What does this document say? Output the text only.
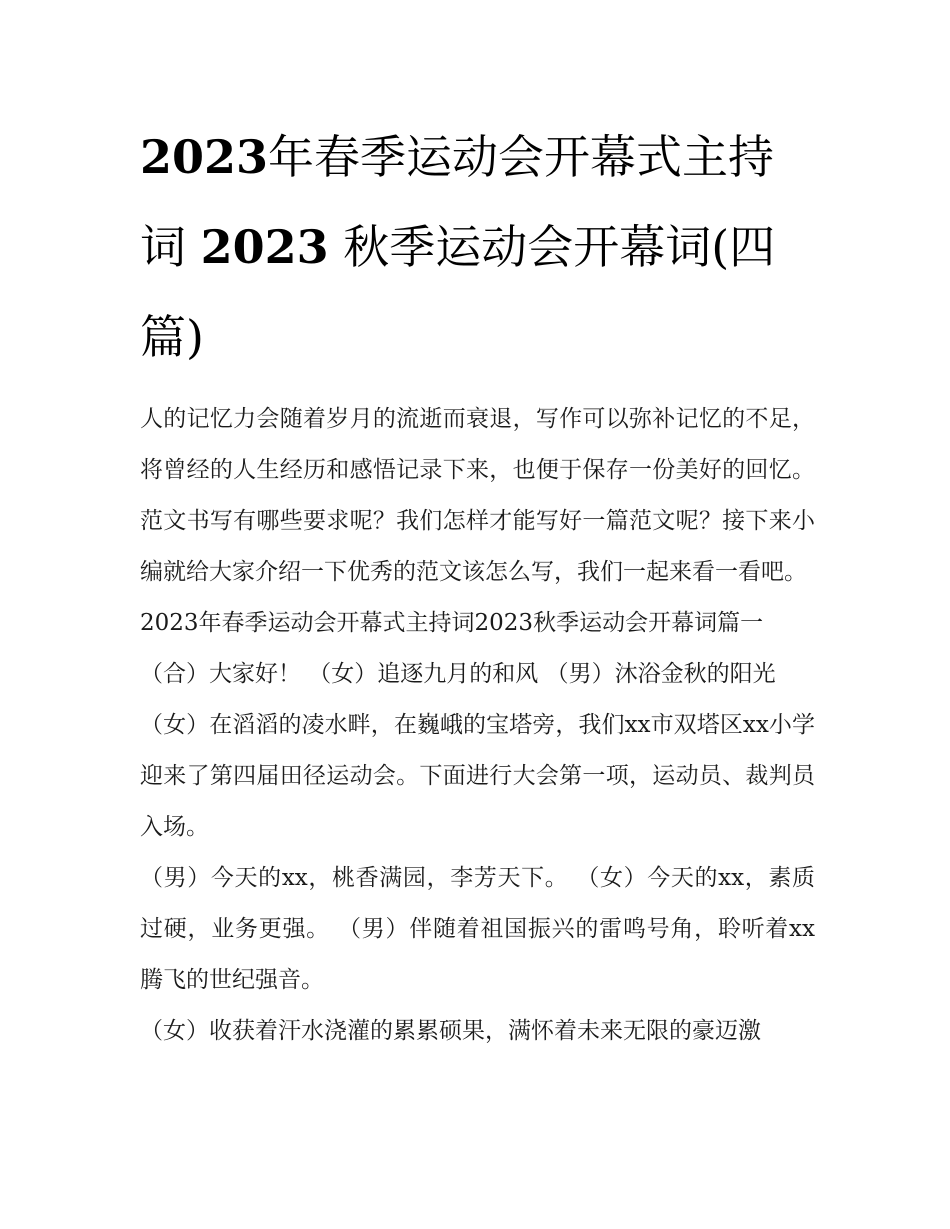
2023年春季运动会开幕式主持词 2023 秋季运动会开幕词(四篇)

人的记忆力会随着岁月的流逝而衰退，写作可以弥补记忆的不足，将曾经的人生经历和感悟记录下来，也便于保存一份美好的回忆。范文书写有哪些要求呢？我们怎样才能写好一篇范文呢？接下来小编就给大家介绍一下优秀的范文该怎么写，我们一起来看一看吧。

2023年春季运动会开幕式主持词2023秋季运动会开幕词篇一

（合）大家好！ （女）追逐九月的和风 （男）沐浴金秋的阳光

（女）在滔滔的凌水畔，在巍峨的宝塔旁，我们xx市双塔区xx小学迎来了第四届田径运动会。下面进行大会第一项，运动员、裁判员入场。

（男）今天的xx，桃香满园，李芳天下。 （女）今天的xx，素质过硬，业务更强。 （男）伴随着祖国振兴的雷鸣号角，聆听着xx腾飞的世纪强音。

（女）收获着汗水浇灌的累累硕果，满怀着未来无限的豪迈激
